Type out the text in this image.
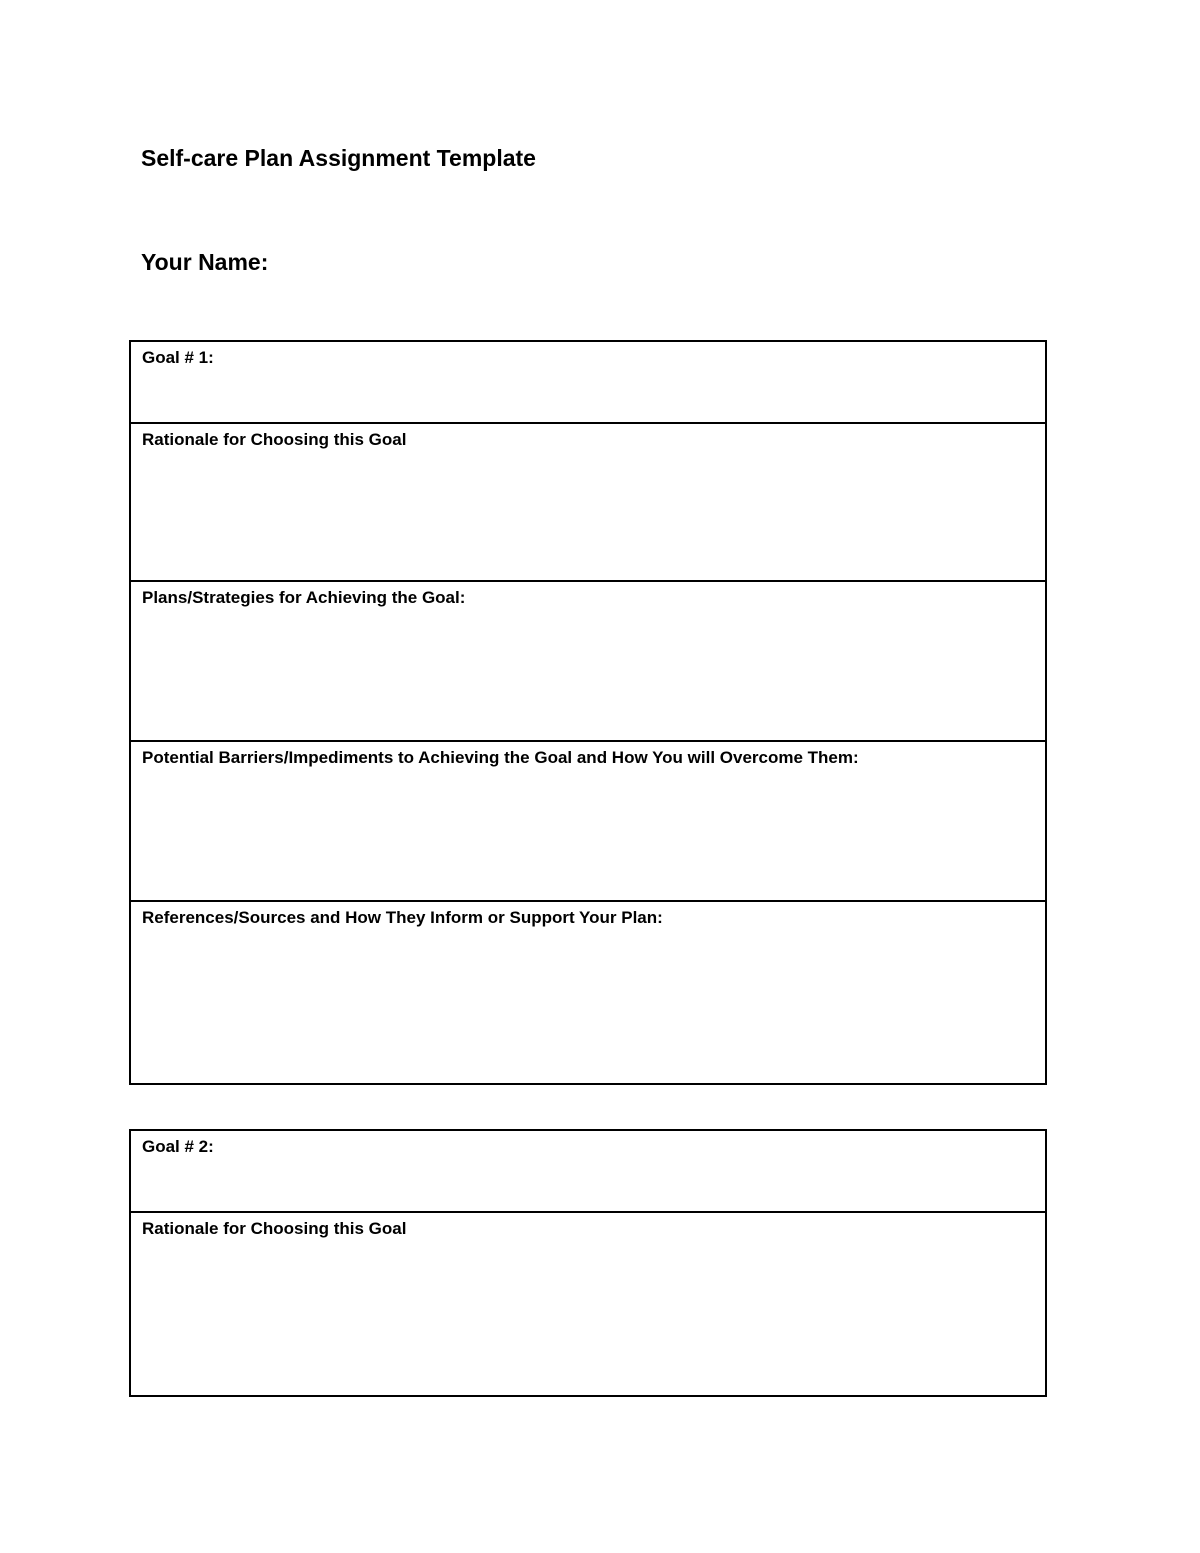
Self-care Plan Assignment Template
Your Name:
Goal # 1:
Rationale for Choosing this Goal
Plans/Strategies for Achieving the Goal:
Potential Barriers/Impediments to Achieving the Goal and How You will Overcome Them:
References/Sources and How They Inform or Support Your Plan:
Goal # 2:
Rationale for Choosing this Goal
